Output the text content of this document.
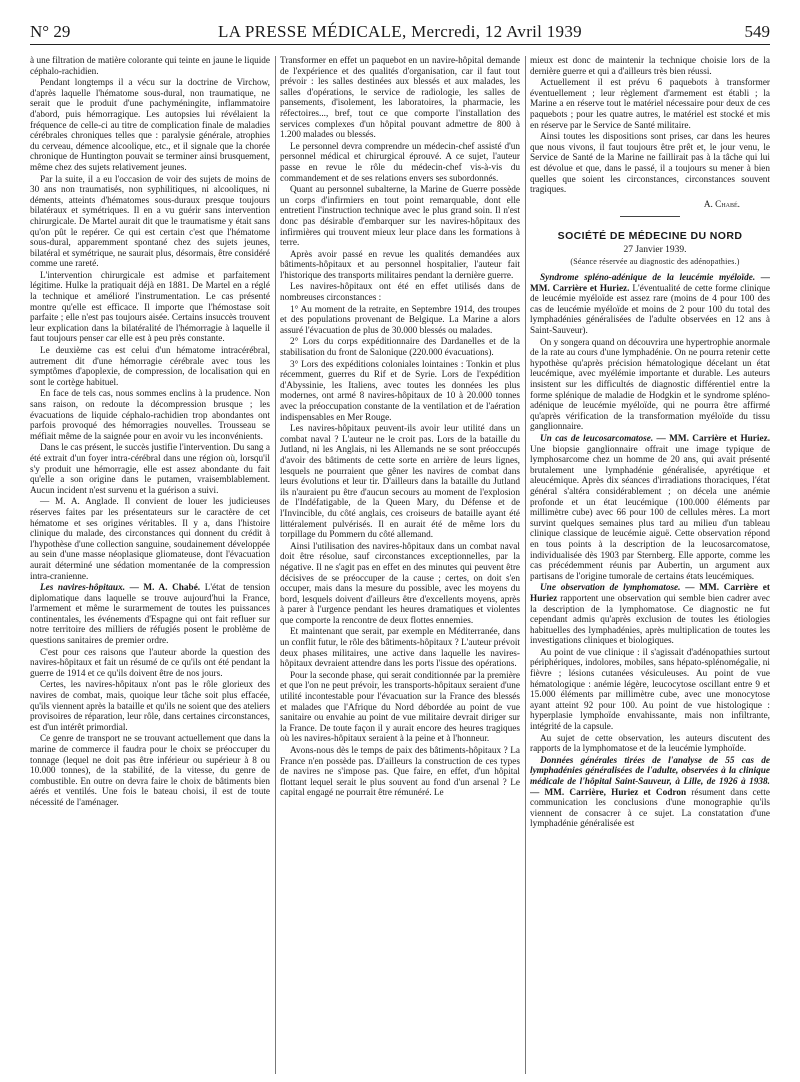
N° 29	LA PRESSE MÉDICALE, Mercredi, 12 Avril 1939	549

à une filtration de matière colorante qui teinte en jaune le liquide céphalo-rachidien.

Pendant longtemps il a vécu sur la doctrine de Virchow, d'après laquelle l'hématome sous-dural, non traumatique, ne serait que le produit d'une pachyméningite, inflammatoire d'abord, puis hémorragique. Les autopsies lui révélaient la fréquence de celle-ci au titre de complication finale de maladies cérébrales chroniques telles que : paralysie générale, atrophies du cerveau, démence alcoolique, etc., et il signale que la chorée chronique de Huntington pouvait se terminer ainsi brusquement, même chez des sujets relativement jeunes.

Par la suite, il a eu l'occasion de voir des sujets de moins de 30 ans non traumatisés, non syphilitiques, ni alcooliques, ni déments, atteints d'hématomes sous-duraux presque toujours bilatéraux et symétriques. Il en a vu guérir sans intervention chirurgicale. De Martel aurait dit que le traumatisme y était sans qu'on pût le repérer. Ce qui est certain c'est que l'hématome sous-dural, apparemment spontané chez des sujets jeunes, bilatéral et symétrique, ne saurait plus, désormais, être considéré comme une rareté.

L'intervention chirurgicale est admise et parfaitement légitime. Hulke la pratiquait déjà en 1881. De Martel en a réglé la technique et amélioré l'instrumentation. Le cas présenté montre qu'elle est efficace. Il importe que l'hémostase soit parfaite ; elle n'est pas toujours aisée. Certains insuccès trouvent leur explication dans la bilatéralité de l'hémorragie à laquelle il faut toujours penser car elle est à peu près constante.

Le deuxième cas est celui d'un hématome intracérébral, autrement dit d'une hémorragie cérébrale avec tous les symptômes d'apoplexie, de compression, de localisation qui en sont le cortège habituel.

En face de tels cas, nous sommes enclins à la prudence. Non sans raison, on redoute la décompression brusque ; les évacuations de liquide céphalo-rachidien trop abondantes ont parfois provoqué des hémorragies nouvelles. Trousseau se méfiait même de la saignée pour en avoir vu les inconvénients.

Dans le cas présent, le succès justifie l'intervention. Du sang a été extrait d'un foyer intra-cérébral dans une région où, lorsqu'il s'y produit une hémorragie, elle est assez abondante du fait qu'elle a son origine dans le putamen, vraisemblablement. Aucun incident n'est survenu et la guérison a suivi.

— M. A. Anglade. Il convient de louer les judicieuses réserves faites par les présentateurs sur le caractère de cet hématome et ses origines véritables. Il y a, dans l'histoire clinique du malade, des circonstances qui donnent du crédit à l'hypothèse d'une collection sanguine, soudainement développée au sein d'une masse néoplasique gliomateuse, dont l'évacuation aurait déterminé une sédation momentanée de la compression intra-cranienne.

Les navires-hôpitaux. — M. A. Chabé. L'état de tension diplomatique dans laquelle se trouve aujourd'hui la France, l'armement et même le surarmement de toutes les puissances continentales, les événements d'Espagne qui ont fait refluer sur notre territoire des milliers de réfugiés posent le problème de questions sanitaires de premier ordre.

C'est pour ces raisons que l'auteur aborde la question des navires-hôpitaux et fait un résumé de ce qu'ils ont été pendant la guerre de 1914 et ce qu'ils doivent être de nos jours.

Certes, les navires-hôpitaux n'ont pas le rôle glorieux des navires de combat, mais, quoique leur tâche soit plus effacée, qu'ils viennent après la bataille et qu'ils ne soient que des ateliers provisoires de réparation, leur rôle, dans certaines circonstances, est d'un intérêt primordial.

Ce genre de transport ne se trouvant actuellement que dans la marine de commerce il faudra pour le choix se préoccuper du tonnage (lequel ne doit pas être inférieur ou supérieur à 8 ou 10.000 tonnes), de la stabilité, de la vitesse, du genre de combustible. En outre on devra faire le choix de bâtiments bien aérés et ventilés. Une fois le bateau choisi, il est de toute nécessité de l'aménager.

Transformer en effet un paquebot en un navire-hôpital demande de l'expérience et des qualités d'organisation, car il faut tout prévoir : les salles destinées aux blessés et aux malades, les salles d'opérations, le service de radiologie, les salles de pansements, d'isolement, les laboratoires, la pharmacie, les réfectoires..., bref, tout ce que comporte l'installation des services complexes d'un hôpital pouvant admettre de 800 à 1.200 malades ou blessés.

Le personnel devra comprendre un médecin-chef assisté d'un personnel médical et chirurgical éprouvé. A ce sujet, l'auteur passe en revue le rôle du médecin-chef vis-à-vis du commandement et de ses relations envers ses subordonnés.

Quant au personnel subalterne, la Marine de Guerre possède un corps d'infirmiers en tout point remarquable, dont elle entretient l'instruction technique avec le plus grand soin. Il n'est donc pas désirable d'embarquer sur les navires-hôpitaux des infirmières qui trouvent mieux leur place dans les formations à terre.

Après avoir passé en revue les qualités demandées aux bâtiments-hôpitaux et au personnel hospitalier, l'auteur fait l'historique des transports militaires pendant la dernière guerre.

Les navires-hôpitaux ont été en effet utilisés dans de nombreuses circonstances :

1° Au moment de la retraite, en Septembre 1914, des troupes et des populations provenant de Belgique. La Marine a alors assuré l'évacuation de plus de 30.000 blessés ou malades.

2° Lors du corps expéditionnaire des Dardanelles et de la stabilisation du front de Salonique (220.000 évacuations).

3° Lors des expéditions coloniales lointaines : Tonkin et plus récemment, guerres du Rif et de Syrie. Lors de l'expédition d'Abyssinie, les Italiens, avec toutes les données les plus modernes, ont armé 8 navires-hôpitaux de 10 à 20.000 tonnes avec la préoccupation constante de la ventilation et de l'aération indispensables en Mer Rouge.

Les navires-hôpitaux peuvent-ils avoir leur utilité dans un combat naval ? L'auteur ne le croit pas. Lors de la bataille du Jutland, ni les Anglais, ni les Allemands ne se sont préoccupés d'avoir des bâtiments de cette sorte en arrière de leurs lignes, lesquels ne pourraient que gêner les navires de combat dans leurs évolutions et leur tir. D'ailleurs dans la bataille du Jutland ils n'auraient pu être d'aucun secours au moment de l'explosion de l'Indéfatigable, de la Queen Mary, du Défense et de l'Invincible, du côté anglais, ces croiseurs de bataille ayant été littéralement pulvérisés. Il en aurait été de même lors du torpillage du Pommern du côté allemand.

Ainsi l'utilisation des navires-hôpitaux dans un combat naval doit être résolue, sauf circonstances exceptionnelles, par la négative. Il ne s'agit pas en effet en des minutes qui peuvent être décisives de se préoccuper de la cause ; certes, on doit s'en occuper, mais dans la mesure du possible, avec les moyens du bord, lesquels doivent d'ailleurs être d'excellents moyens, après à parer à l'urgence pendant les heures dramatiques et violentes que comporte la rencontre de deux flottes ennemies.

Et maintenant que serait, par exemple en Méditerranée, dans un conflit futur, le rôle des bâtiments-hôpitaux ? L'auteur prévoit deux phases militaires, une active dans laquelle les navires-hôpitaux devraient attendre dans les ports l'issue des opérations.

Pour la seconde phase, qui serait conditionnée par la première et que l'on ne peut prévoir, les transports-hôpitaux seraient d'une utilité incontestable pour l'évacuation sur la France des blessés et malades que l'Afrique du Nord débordée au point de vue sanitaire ou envahie au point de vue militaire devrait diriger sur la France. De toute façon il y aurait encore des heures tragiques où les navires-hôpitaux seraient à la peine et à l'honneur.

Avons-nous dès le temps de paix des bâtiments-hôpitaux ? La France n'en possède pas. D'ailleurs la construction de ces types de navires ne s'impose pas. Que faire, en effet, d'un hôpital flottant lequel serait le plus souvent au fond d'un arsenal ? Le capital engagé ne pourrait être rémunéré. Le

mieux est donc de maintenir la technique choisie lors de la dernière guerre et qui a d'ailleurs très bien réussi.

Actuellement il est prévu 6 paquebots à transformer éventuellement ; leur règlement d'armement est établi ; la Marine a en réserve tout le matériel nécessaire pour deux de ces paquebots ; pour les quatre autres, le matériel est stocké et mis en réserve par le Service de Santé militaire.

Ainsi toutes les dispositions sont prises, car dans les heures que nous vivons, il faut toujours être prêt et, le jour venu, le Service de Santé de la Marine ne faillirait pas à la tâche qui lui est dévolue et que, dans le passé, il a toujours su mener à bien quelles que soient les circonstances, circonstances souvent tragiques.

A. Chabé.

SOCIÉTÉ DE MÉDECINE DU NORD

27 Janvier 1939.

(Séance réservée au diagnostic des adénopathies.)

Syndrome spléno-adénique de la leucémie myéloïde. — MM. Carrière et Huriez. L'éventualité de cette forme clinique de leucémie myéloïde est assez rare (moins de 4 pour 100 des cas de leucémie myéloïde et moins de 2 pour 100 du total des lymphadénies généralisées de l'adulte observées en 12 ans à Saint-Sauveur).

On y songera quand on découvrira une hypertrophie anormale de la rate au cours d'une lymphadénie. On ne pourra retenir cette hypothèse qu'après précision hématologique décelant un état leucémique, avec myélémie importante et durable. Les auteurs insistent sur les difficultés de diagnostic différentiel entre la forme splénique de maladie de Hodgkin et le syndrome spléno-adénique de leucémie myéloïde, qui ne pourra être affirmé qu'après vérification de la transformation myéloïde du tissu ganglionnaire.

Un cas de leucosarcomatose. — MM. Carrière et Huriez. Une biopsie ganglionnaire offrait une image typique de lymphosarcome chez un homme de 20 ans, qui avait présenté brutalement une lymphadénie généralisée, apyrétique et aleucémique. Après dix séances d'irradiations thoraciques, l'état général s'altéra considérablement ; on décela une anémie profonde et un état leucémique (100.000 éléments par millimètre cube) avec 66 pour 100 de cellules mères. La mort survint quelques semaines plus tard au milieu d'un tableau clinique classique de leucémie aiguë. Cette observation répond en tous points à la description de la leucosarcomatose, individualisée dès 1903 par Sternberg. Elle apporte, comme les cas précédemment réunis par Aubertin, un argument aux partisans de l'origine tumorale de certains états leucémiques.

Une observation de lymphomatose. — MM. Carrière et Huriez rapportent une observation qui semble bien cadrer avec la description de la lymphomatose. Ce diagnostic ne fut cependant admis qu'après exclusion de toutes les étiologies habituelles des lymphadénies, après multiplication de toutes les investigations cliniques et biologiques.

Au point de vue clinique : il s'agissait d'adénopathies surtout périphériques, indolores, mobiles, sans hépato-splénomégalie, ni fièvre ; lésions cutanées vésiculeuses. Au point de vue hématologique : anémie légère, leucocytose oscillant entre 9 et 15.000 éléments par millimètre cube, avec une monocytose ayant atteint 92 pour 100. Au point de vue histologique : hyperplasie lymphoïde envahissante, mais non infiltrante, intégrité de la capsule.

Au sujet de cette observation, les auteurs discutent des rapports de la lymphomatose et de la leucémie lymphoïde.

Données générales tirées de l'analyse de 55 cas de lymphadénies généralisées de l'adulte, observées à la clinique médicale de l'hôpital Saint-Sauveur, à Lille, de 1926 à 1938. — MM. Carrière, Huriez et Codron résument dans cette communication les conclusions d'une monographie qu'ils viennent de consacrer à ce sujet. La constatation d'une lymphadénie généralisée est
